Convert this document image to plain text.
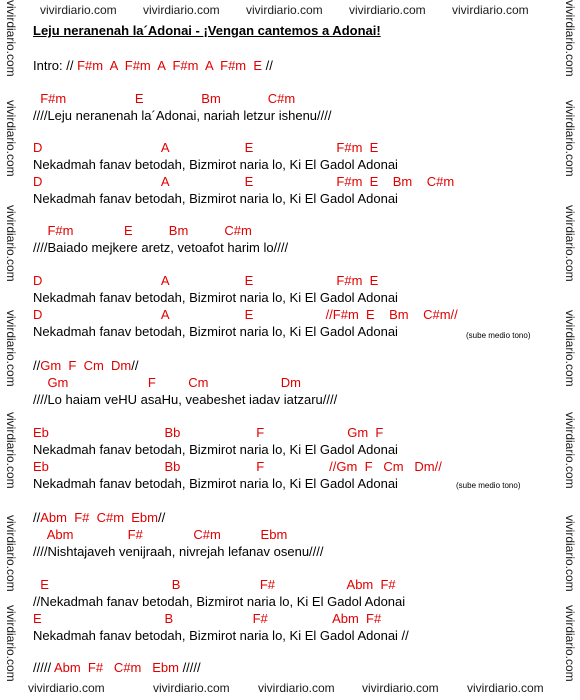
vivirdiario.com vivirdiario.com vivirdiario.com vivirdiario.com vivirdiario.com
vivirdiario.com	vivirdiario.com vivirdiario.com vivirdiario.com vivirdiario.com
vivirdiario.com
vivirdiario.com
vivirdiario.com
vivirdiario.com
vivirdiario.com
vivirdiario.com
vivirdiario.com
vivirdiario.com
vivirdiario.com
vivirdiario.com
vivirdiario.com
vivirdiario.com
vivirdiario.com
vivirdiario.com
Leju neranenah la´Adonai - ¡Vengan cantemos a Adonai!
Intro: // F#m  A  F#m  A  F#m  A  F#m  E //
F#m                   E                Bm             C#m
////Leju neranenah la´Adonai, nariah letzur ishenu////
D                                 A                     E                       F#m  E
Nekadmah fanav betodah, Bizmirot naria lo, Ki El Gadol Adonai
D                                 A                     E                       F#m  E    Bm    C#m
Nekadmah fanav betodah, Bizmirot naria lo, Ki El Gadol Adonai
F#m              E          Bm          C#m
////Baiado mejkere aretz, vetoafot harim lo////
D                                 A                     E                       F#m  E
Nekadmah fanav betodah, Bizmirot naria lo, Ki El Gadol Adonai
D                                 A                     E                    //F#m  E    Bm    C#m//
Nekadmah fanav betodah, Bizmirot naria lo, Ki El Gadol Adonai	(sube medio tono)
//Gm  F  Cm  Dm//
Gm                      F         Cm                    Dm
////Lo haiam veHU asaHu, veabeshet iadav iatzaru////
Eb                                Bb                     F                       Gm  F
Nekadmah fanav betodah, Bizmirot naria lo, Ki El Gadol Adonai
Eb                                Bb                     F                  //Gm  F   Cm   Dm//
Nekadmah fanav betodah, Bizmirot naria lo, Ki El Gadol Adonai	(sube medio tono)
//Abm  F#  C#m  Ebm//
Abm               F#              C#m           Ebm
////Nishtajaveh venijraah, nivrejah lefanav osenu////
E                                  B                      F#                    Abm  F#
//Nekadmah fanav betodah, Bizmirot naria lo, Ki El Gadol Adonai
E                                  B                      F#                  Abm  F#
Nekadmah fanav betodah, Bizmirot naria lo, Ki El Gadol Adonai //
///// Abm  F#   C#m   Ebm /////
